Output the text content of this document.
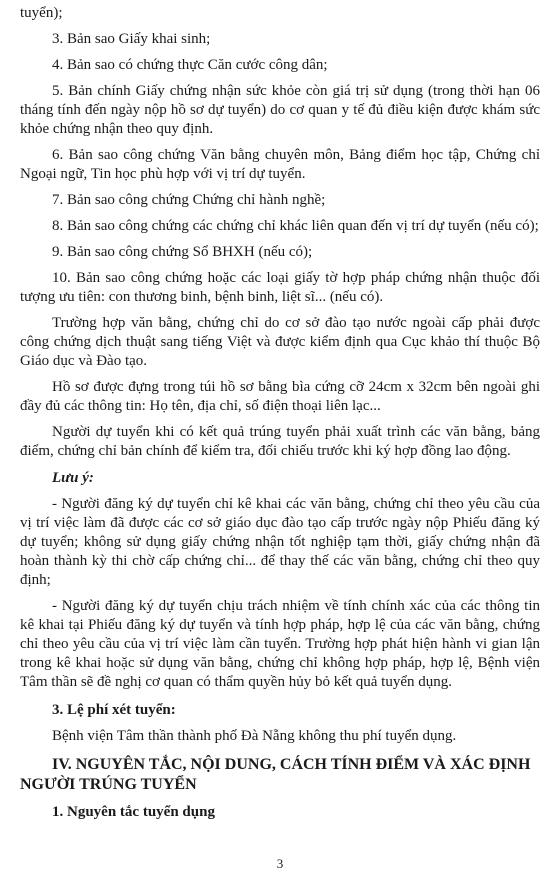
tuyển);

3. Bản sao Giấy khai sinh;

4. Bản sao có chứng thực Căn cước công dân;

5. Bản chính Giấy chứng nhận sức khỏe còn giá trị sử dụng (trong thời hạn 06 tháng tính đến ngày nộp hồ sơ dự tuyển) do cơ quan y tế đủ điều kiện được khám sức khỏe chứng nhận theo quy định.

6. Bản sao công chứng Văn bằng chuyên môn, Bảng điểm học tập, Chứng chỉ Ngoại ngữ, Tin học phù hợp với vị trí dự tuyển.

7. Bản sao công chứng Chứng chỉ hành nghề;

8. Bản sao công chứng các chứng chỉ khác liên quan đến vị trí dự tuyển (nếu có);

9. Bản sao công chứng Sổ BHXH (nếu có);

10. Bản sao công chứng hoặc các loại giấy tờ hợp pháp chứng nhận thuộc đối tượng ưu tiên: con thương binh, bệnh binh, liệt sĩ... (nếu có).

Trường hợp văn bằng, chứng chỉ do cơ sở đào tạo nước ngoài cấp phải được công chứng dịch thuật sang tiếng Việt và được kiểm định qua Cục khảo thí thuộc Bộ Giáo dục và Đào tạo.

Hồ sơ được đựng trong túi hồ sơ bằng bìa cứng cỡ 24cm x 32cm bên ngoài ghi đầy đủ các thông tin: Họ tên, địa chỉ, số điện thoại liên lạc...

Người dự tuyển khi có kết quả trúng tuyển phải xuất trình các văn bằng, bảng điểm, chứng chỉ bản chính để kiểm tra, đối chiếu trước khi ký hợp đồng lao động.

Lưu ý:

- Người đăng ký dự tuyển chỉ kê khai các văn bằng, chứng chỉ theo yêu cầu của vị trí việc làm đã được các cơ sở giáo dục đào tạo cấp trước ngày nộp Phiếu đăng ký dự tuyển; không sử dụng giấy chứng nhận tốt nghiệp tạm thời, giấy chứng nhận đã hoàn thành kỳ thi chờ cấp chứng chỉ... để thay thế các văn bằng, chứng chỉ theo quy định;

- Người đăng ký dự tuyển chịu trách nhiệm về tính chính xác của các thông tin kê khai tại Phiếu đăng ký dự tuyển và tính hợp pháp, hợp lệ của các văn bằng, chứng chỉ theo yêu cầu của vị trí việc làm cần tuyển. Trường hợp phát hiện hành vi gian lận trong kê khai hoặc sử dụng văn bằng, chứng chỉ không hợp pháp, hợp lệ, Bệnh viện Tâm thần sẽ đề nghị cơ quan có thẩm quyền hủy bỏ kết quả tuyển dụng.

3. Lệ phí xét tuyển:

Bệnh viện Tâm thần thành phố Đà Nẵng không thu phí tuyển dụng.

IV. NGUYÊN TẮC, NỘI DUNG, CÁCH TÍNH ĐIỂM VÀ XÁC ĐỊNH
NGƯỜI TRÚNG TUYỂN

1. Nguyên tắc tuyển dụng

3
